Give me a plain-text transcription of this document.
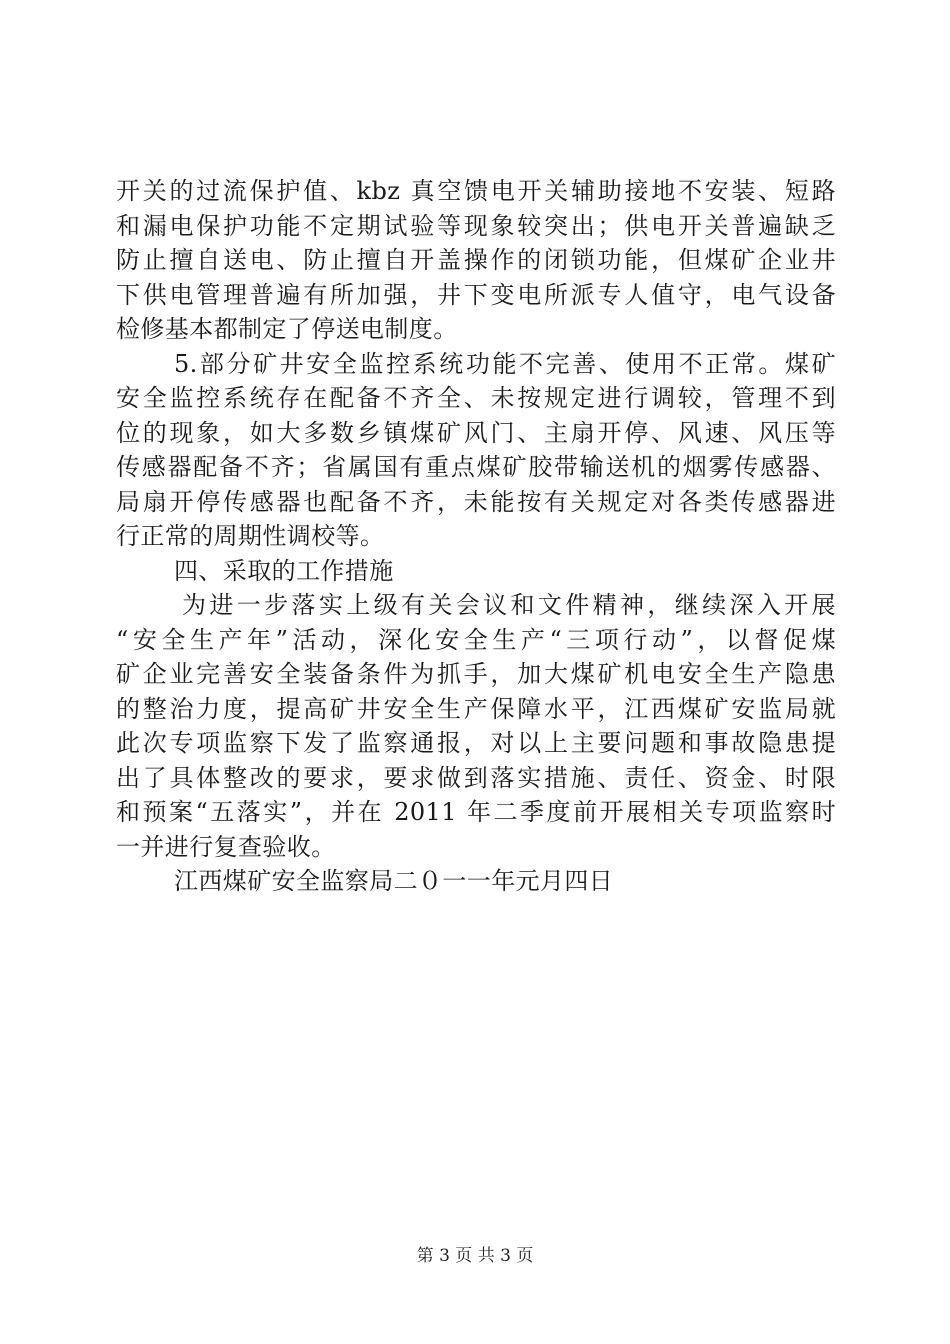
开关的过流保护值、kbz 真空馈电开关辅助接地不安装、短路
和漏电保护功能不定期试验等现象较突出；供电开关普遍缺乏
防止擅自送电、防止擅自开盖操作的闭锁功能，但煤矿企业井
下供电管理普遍有所加强，井下变电所派专人值守，电气设备
检修基本都制定了停送电制度。
5.部分矿井安全监控系统功能不完善、使用不正常。煤矿
安全监控系统存在配备不齐全、未按规定进行调较，管理不到
位的现象，如大多数乡镇煤矿风门、主扇开停、风速、风压等
传感器配备不齐；省属国有重点煤矿胶带输送机的烟雾传感器、
局扇开停传感器也配备不齐，未能按有关规定对各类传感器进
行正常的周期性调校等。
四、采取的工作措施
为进一步落实上级有关会议和文件精神，继续深入开展
“安全生产年”活动，深化安全生产“三项行动”，以督促煤
矿企业完善安全装备条件为抓手，加大煤矿机电安全生产隐患
的整治力度，提高矿井安全生产保障水平，江西煤矿安监局就
此次专项监察下发了监察通报，对以上主要问题和事故隐患提
出了具体整改的要求，要求做到落实措施、责任、资金、时限
和预案“五落实”，并在 2011 年二季度前开展相关专项监察时
一并进行复查验收。
江西煤矿安全监察局二０一一年元月四日
第 3 页 共 3 页
